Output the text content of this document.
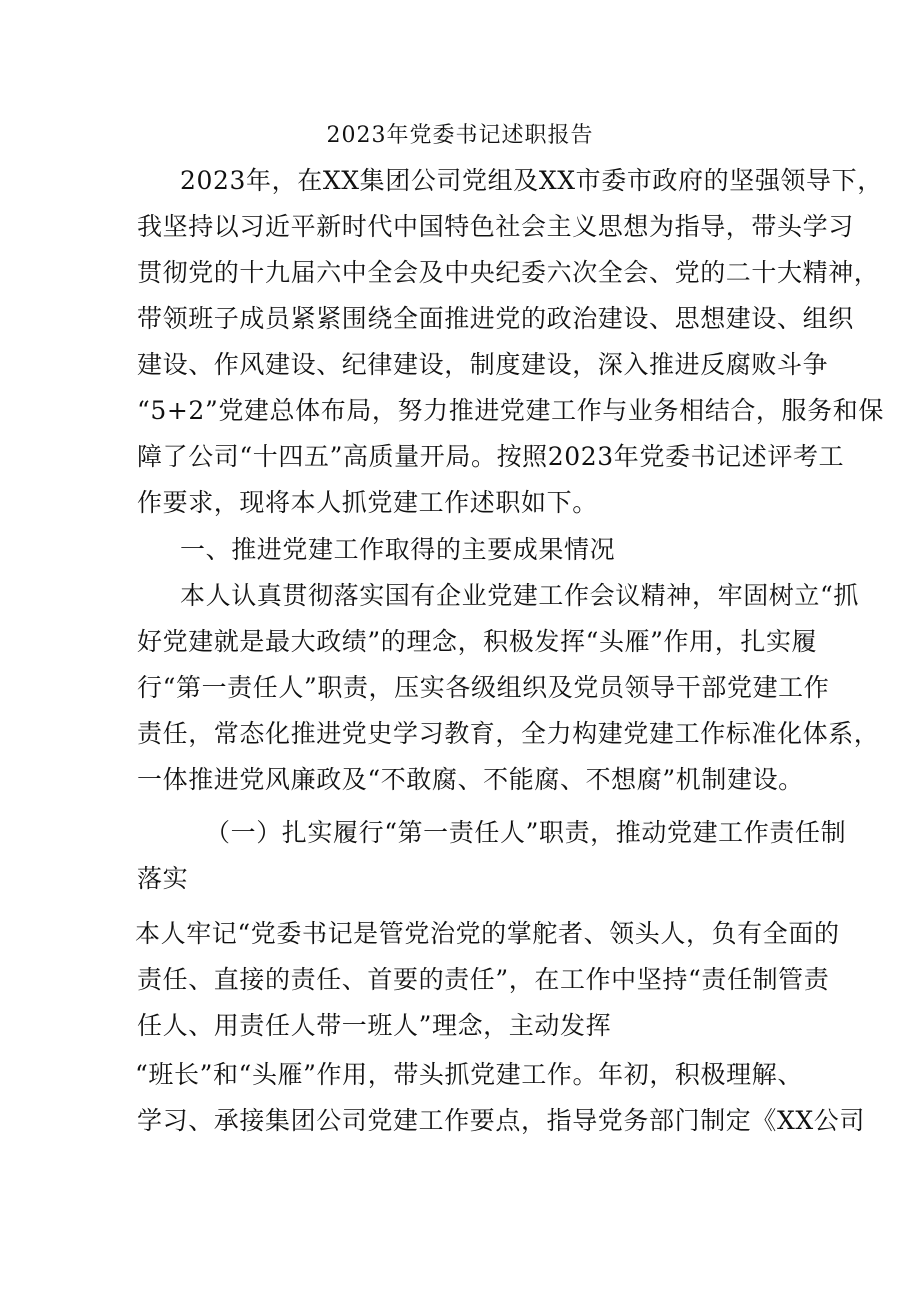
2023年党委书记述职报告
2023年，在XX集团公司党组及XX市委市政府的坚强领导下，
我坚持以习近平新时代中国特色社会主义思想为指导，带头学习
贯彻党的十九届六中全会及中央纪委六次全会、党的二十大精神，
带领班子成员紧紧围绕全面推进党的政治建设、思想建设、组织
建设、作风建设、纪律建设，制度建设，深入推进反腐败斗争
“5+2”党建总体布局，努力推进党建工作与业务相结合，服务和保
障了公司“十四五”高质量开局。按照2023年党委书记述评考工
作要求，现将本人抓党建工作述职如下。
一、推进党建工作取得的主要成果情况
本人认真贯彻落实国有企业党建工作会议精神，牢固树立“抓
好党建就是最大政绩”的理念，积极发挥“头雁”作用，扎实履
行“第一责任人”职责，压实各级组织及党员领导干部党建工作
责任，常态化推进党史学习教育，全力构建党建工作标准化体系，
一体推进党风廉政及“不敢腐、不能腐、不想腐”机制建设。
（一）扎实履行“第一责任人”职责，推动党建工作责任制
落实
本人牢记“党委书记是管党治党的掌舵者、领头人，负有全面的
责任、直接的责任、首要的责任”，在工作中坚持“责任制管责
任人、用责任人带一班人”理念，主动发挥
“班长”和“头雁”作用，带头抓党建工作。年初，积极理解、
学习、承接集团公司党建工作要点，指导党务部门制定《XX公司
